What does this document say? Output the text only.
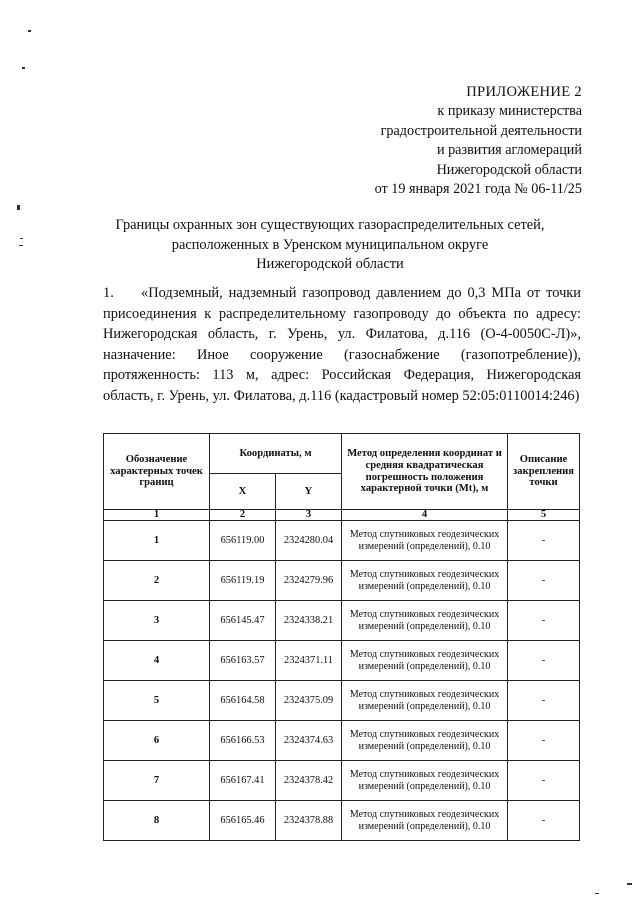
ПРИЛОЖЕНИЕ 2
к приказу министерства
градостроительной деятельности
и развития агломераций
Нижегородской области
от 19 января 2021 года № 06-11/25
Границы охранных зон существующих газораспределительных сетей,
расположенных в Уренском муниципальном округе
Нижегородской области
1. «Подземный, надземный газопровод давлением до 0,3 МПа от точки присоединения к распределительному газопроводу до объекта по адресу: Нижегородская область, г. Урень, ул. Филатова, д.116 (О-4-0050С-Л)», назначение: Иное сооружение (газоснабжение (газопотребление)), протяженность: 113 м, адрес: Российская Федерация, Нижегородская область, г. Урень, ул. Филатова, д.116 (кадастровый номер 52:05:0110014:246)
Обозначение характерных точек границ	Координаты, м		Метод определения координат и средняя квадратическая погрешность положения характерной точки (Mt), м	Описание закрепления точки
	X	Y		
1	2	3	4	5
1	656119.00	2324280.04	Метод спутниковых геодезических измерений (определений), 0.10	-
2	656119.19	2324279.96	Метод спутниковых геодезических измерений (определений), 0.10	-
3	656145.47	2324338.21	Метод спутниковых геодезических измерений (определений), 0.10	-
4	656163.57	2324371.11	Метод спутниковых геодезических измерений (определений), 0.10	-
5	656164.58	2324375.09	Метод спутниковых геодезических измерений (определений), 0.10	-
6	656166.53	2324374.63	Метод спутниковых геодезических измерений (определений), 0.10	-
7	656167.41	2324378.42	Метод спутниковых геодезических измерений (определений), 0.10	-
8	656165.46	2324378.88	Метод спутниковых геодезических измерений (определений), 0.10	-
